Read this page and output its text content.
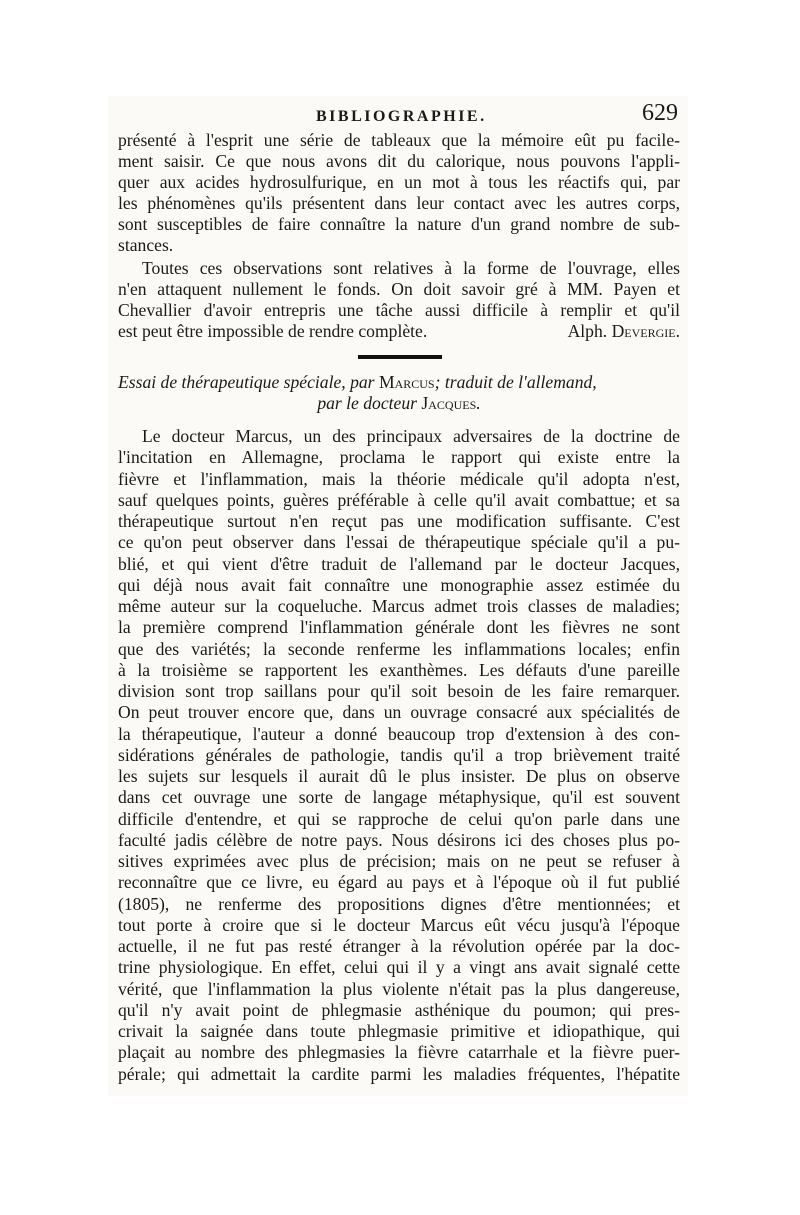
BIBLIOGRAPHIE.	629
présenté à l'esprit une série de tableaux que la mémoire eût pu facile-
ment saisir. Ce que nous avons dit du calorique, nous pouvons l'appli-
quer aux acides hydrosulfurique, en un mot à tous les réactifs qui, par
les phénomènes qu'ils présentent dans leur contact avec les autres corps,
sont susceptibles de faire connaître la nature d'un grand nombre de sub-
stances.
Toutes ces observations sont relatives à la forme de l'ouvrage, elles
n'en attaquent nullement le fonds. On doit savoir gré à MM. Payen et
Chevallier d'avoir entrepris une tâche aussi difficile à remplir et qu'il
est peut être impossible de rendre complète.	Alph. Devergie.
Essai de thérapeutique spéciale, par Marcus; traduit de l'allemand,
par le docteur Jacques.
Le docteur Marcus, un des principaux adversaires de la doctrine de
l'incitation en Allemagne, proclama le rapport qui existe entre la
fièvre et l'inflammation, mais la théorie médicale qu'il adopta n'est,
sauf quelques points, guères préférable à celle qu'il avait combattue; et sa
thérapeutique surtout n'en reçut pas une modification suffisante. C'est
ce qu'on peut observer dans l'essai de thérapeutique spéciale qu'il a pu-
blié, et qui vient d'être traduit de l'allemand par le docteur Jacques,
qui déjà nous avait fait connaître une monographie assez estimée du
même auteur sur la coqueluche. Marcus admet trois classes de maladies;
la première comprend l'inflammation générale dont les fièvres ne sont
que des variétés; la seconde renferme les inflammations locales; enfin
à la troisième se rapportent les exanthèmes. Les défauts d'une pareille
division sont trop saillans pour qu'il soit besoin de les faire remarquer.
On peut trouver encore que, dans un ouvrage consacré aux spécialités de
la thérapeutique, l'auteur a donné beaucoup trop d'extension à des con-
sidérations générales de pathologie, tandis qu'il a trop brièvement traité
les sujets sur lesquels il aurait dû le plus insister. De plus on observe
dans cet ouvrage une sorte de langage métaphysique, qu'il est souvent
difficile d'entendre, et qui se rapproche de celui qu'on parle dans une
faculté jadis célèbre de notre pays. Nous désirons ici des choses plus po-
sitives exprimées avec plus de précision; mais on ne peut se refuser à
reconnaître que ce livre, eu égard au pays et à l'époque où il fut publié
(1805), ne renferme des propositions dignes d'être mentionnées; et
tout porte à croire que si le docteur Marcus eût vécu jusqu'à l'époque
actuelle, il ne fut pas resté étranger à la révolution opérée par la doc-
trine physiologique. En effet, celui qui il y a vingt ans avait signalé cette
vérité, que l'inflammation la plus violente n'était pas la plus dangereuse,
qu'il n'y avait point de phlegmasie asthénique du poumon; qui pres-
crivait la saignée dans toute phlegmasie primitive et idiopathique, qui
plaçait au nombre des phlegmasies la fièvre catarrhale et la fièvre puer-
pérale; qui admettait la cardite parmi les maladies fréquentes, l'hépatite
